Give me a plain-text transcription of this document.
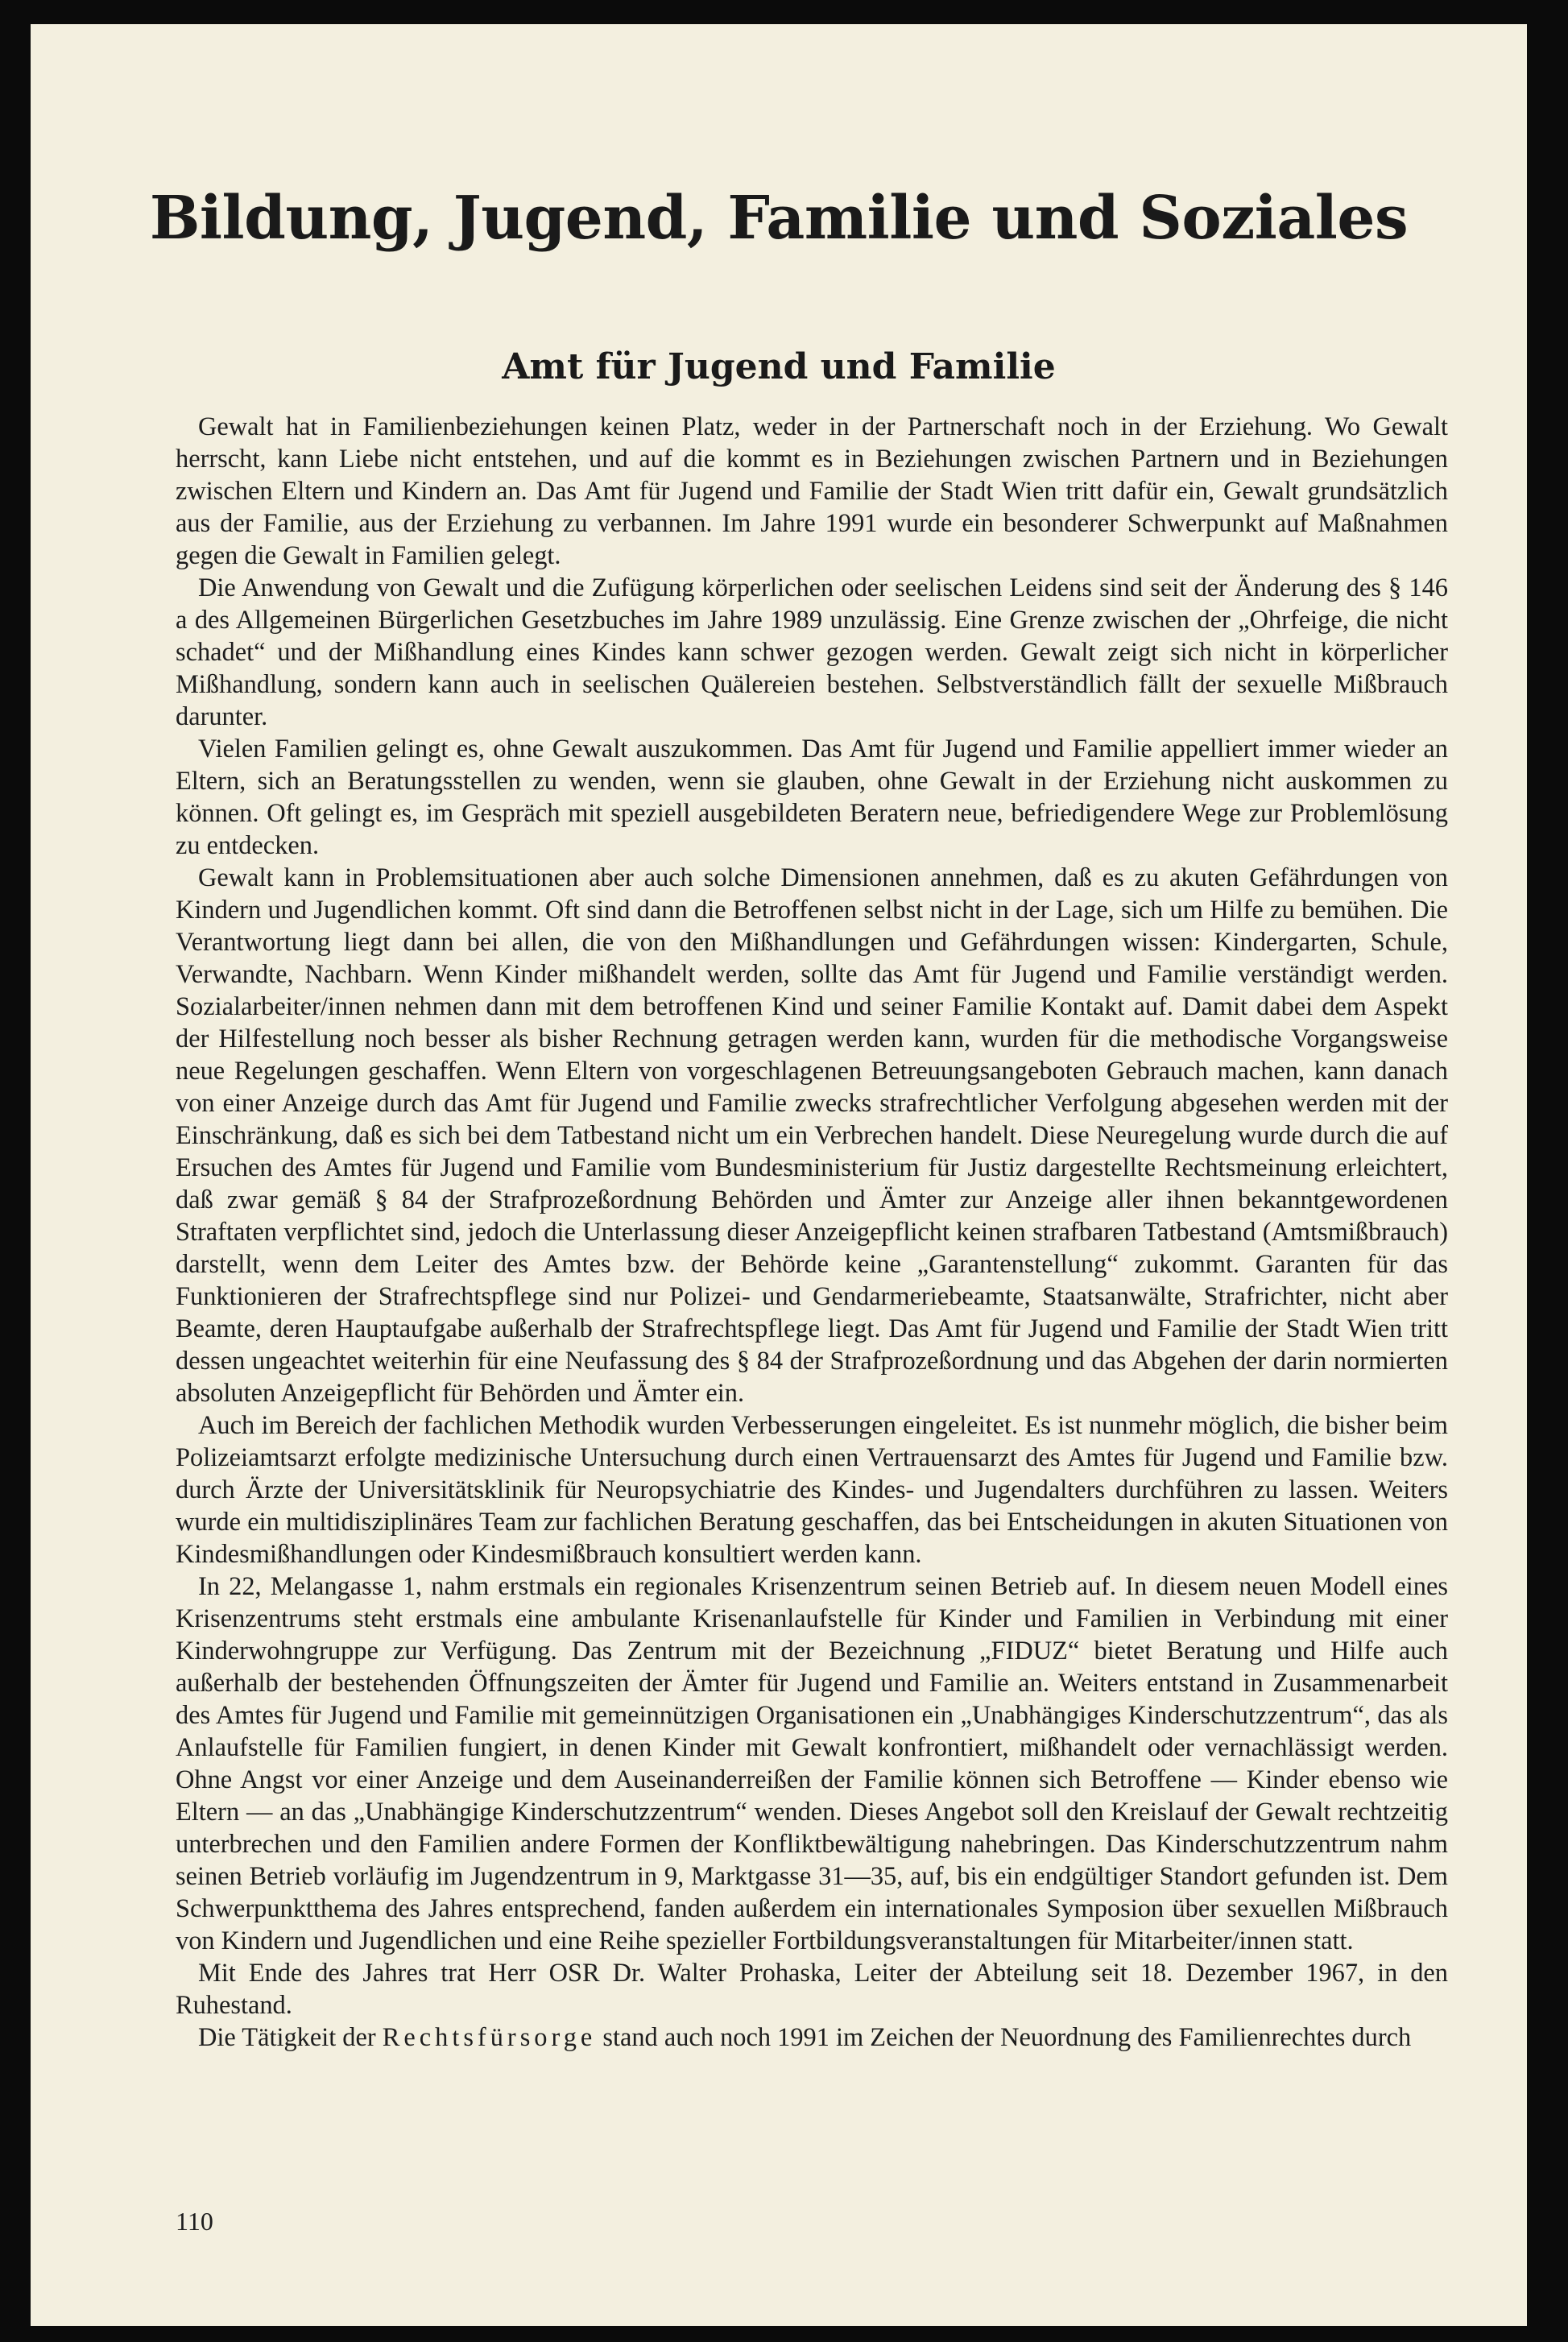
Bildung, Jugend, Familie und Soziales
Amt für Jugend und Familie

Gewalt hat in Familienbeziehungen keinen Platz, weder in der Partnerschaft noch in der Erziehung. Wo Gewalt herrscht, kann Liebe nicht entstehen, und auf die kommt es in Beziehungen zwischen Partnern und in Beziehungen zwischen Eltern und Kindern an. Das Amt für Jugend und Familie der Stadt Wien tritt dafür ein, Gewalt grundsätzlich aus der Familie, aus der Erziehung zu verbannen. Im Jahre 1991 wurde ein besonderer Schwerpunkt auf Maßnahmen gegen die Gewalt in Familien gelegt.

Die Anwendung von Gewalt und die Zufügung körperlichen oder seelischen Leidens sind seit der Änderung des § 146 a des Allgemeinen Bürgerlichen Gesetzbuches im Jahre 1989 unzulässig. Eine Grenze zwischen der „Ohrfeige, die nicht schadet“ und der Mißhandlung eines Kindes kann schwer gezogen werden. Gewalt zeigt sich nicht in körperlicher Mißhandlung, sondern kann auch in seelischen Quälereien bestehen. Selbstverständlich fällt der sexuelle Mißbrauch darunter.

Vielen Familien gelingt es, ohne Gewalt auszukommen. Das Amt für Jugend und Familie appelliert immer wieder an Eltern, sich an Beratungsstellen zu wenden, wenn sie glauben, ohne Gewalt in der Erziehung nicht auskommen zu können. Oft gelingt es, im Gespräch mit speziell ausgebildeten Beratern neue, befriedigendere Wege zur Problemlösung zu entdecken.

Gewalt kann in Problemsituationen aber auch solche Dimensionen annehmen, daß es zu akuten Gefährdungen von Kindern und Jugendlichen kommt. Oft sind dann die Betroffenen selbst nicht in der Lage, sich um Hilfe zu bemühen. Die Verantwortung liegt dann bei allen, die von den Mißhandlungen und Gefährdungen wissen: Kindergarten, Schule, Verwandte, Nachbarn. Wenn Kinder mißhandelt werden, sollte das Amt für Jugend und Familie verständigt werden. Sozialarbeiter/innen nehmen dann mit dem betroffenen Kind und seiner Familie Kontakt auf. Damit dabei dem Aspekt der Hilfestellung noch besser als bisher Rechnung getragen werden kann, wurden für die methodische Vorgangsweise neue Regelungen geschaffen. Wenn Eltern von vorgeschlagenen Betreuungsangeboten Gebrauch machen, kann danach von einer Anzeige durch das Amt für Jugend und Familie zwecks strafrechtlicher Verfolgung abgesehen werden mit der Einschränkung, daß es sich bei dem Tatbestand nicht um ein Verbrechen handelt. Diese Neuregelung wurde durch die auf Ersuchen des Amtes für Jugend und Familie vom Bundesministerium für Justiz dargestellte Rechtsmeinung erleichtert, daß zwar gemäß § 84 der Strafprozeßordnung Behörden und Ämter zur Anzeige aller ihnen bekanntgewordenen Straftaten verpflichtet sind, jedoch die Unterlassung dieser Anzeigepflicht keinen strafbaren Tatbestand (Amtsmißbrauch) darstellt, wenn dem Leiter des Amtes bzw. der Behörde keine „Garantenstellung“ zukommt. Garanten für das Funktionieren der Strafrechtspflege sind nur Polizei- und Gendarmeriebeamte, Staatsanwälte, Strafrichter, nicht aber Beamte, deren Hauptaufgabe außerhalb der Strafrechtspflege liegt. Das Amt für Jugend und Familie der Stadt Wien tritt dessen ungeachtet weiterhin für eine Neufassung des § 84 der Strafprozeßordnung und das Abgehen der darin normierten absoluten Anzeigepflicht für Behörden und Ämter ein.

Auch im Bereich der fachlichen Methodik wurden Verbesserungen eingeleitet. Es ist nunmehr möglich, die bisher beim Polizeiamtsarzt erfolgte medizinische Untersuchung durch einen Vertrauensarzt des Amtes für Jugend und Familie bzw. durch Ärzte der Universitätsklinik für Neuropsychiatrie des Kindes- und Jugendalters durchführen zu lassen. Weiters wurde ein multidisziplinäres Team zur fachlichen Beratung geschaffen, das bei Entscheidungen in akuten Situationen von Kindesmißhandlungen oder Kindesmißbrauch konsultiert werden kann.

In 22, Melangasse 1, nahm erstmals ein regionales Krisenzentrum seinen Betrieb auf. In diesem neuen Modell eines Krisenzentrums steht erstmals eine ambulante Krisenanlaufstelle für Kinder und Familien in Verbindung mit einer Kinderwohngruppe zur Verfügung. Das Zentrum mit der Bezeichnung „FIDUZ“ bietet Beratung und Hilfe auch außerhalb der bestehenden Öffnungszeiten der Ämter für Jugend und Familie an. Weiters entstand in Zusammenarbeit des Amtes für Jugend und Familie mit gemeinnützigen Organisationen ein „Unabhängiges Kinderschutzzentrum“, das als Anlaufstelle für Familien fungiert, in denen Kinder mit Gewalt konfrontiert, mißhandelt oder vernachlässigt werden. Ohne Angst vor einer Anzeige und dem Auseinanderreißen der Familie können sich Betroffene — Kinder ebenso wie Eltern — an das „Unabhängige Kinderschutzzentrum“ wenden. Dieses Angebot soll den Kreislauf der Gewalt rechtzeitig unterbrechen und den Familien andere Formen der Konfliktbewältigung nahebringen. Das Kinderschutzzentrum nahm seinen Betrieb vorläufig im Jugendzentrum in 9, Marktgasse 31—35, auf, bis ein endgültiger Standort gefunden ist. Dem Schwerpunktthema des Jahres entsprechend, fanden außerdem ein internationales Symposion über sexuellen Mißbrauch von Kindern und Jugendlichen und eine Reihe spezieller Fortbildungsveranstaltungen für Mitarbeiter/innen statt.

Mit Ende des Jahres trat Herr OSR Dr. Walter Prohaska, Leiter der Abteilung seit 18. Dezember 1967, in den Ruhestand.

Die Tätigkeit der Rechtsfürsorge stand auch noch 1991 im Zeichen der Neuordnung des Familienrechtes durch

110
